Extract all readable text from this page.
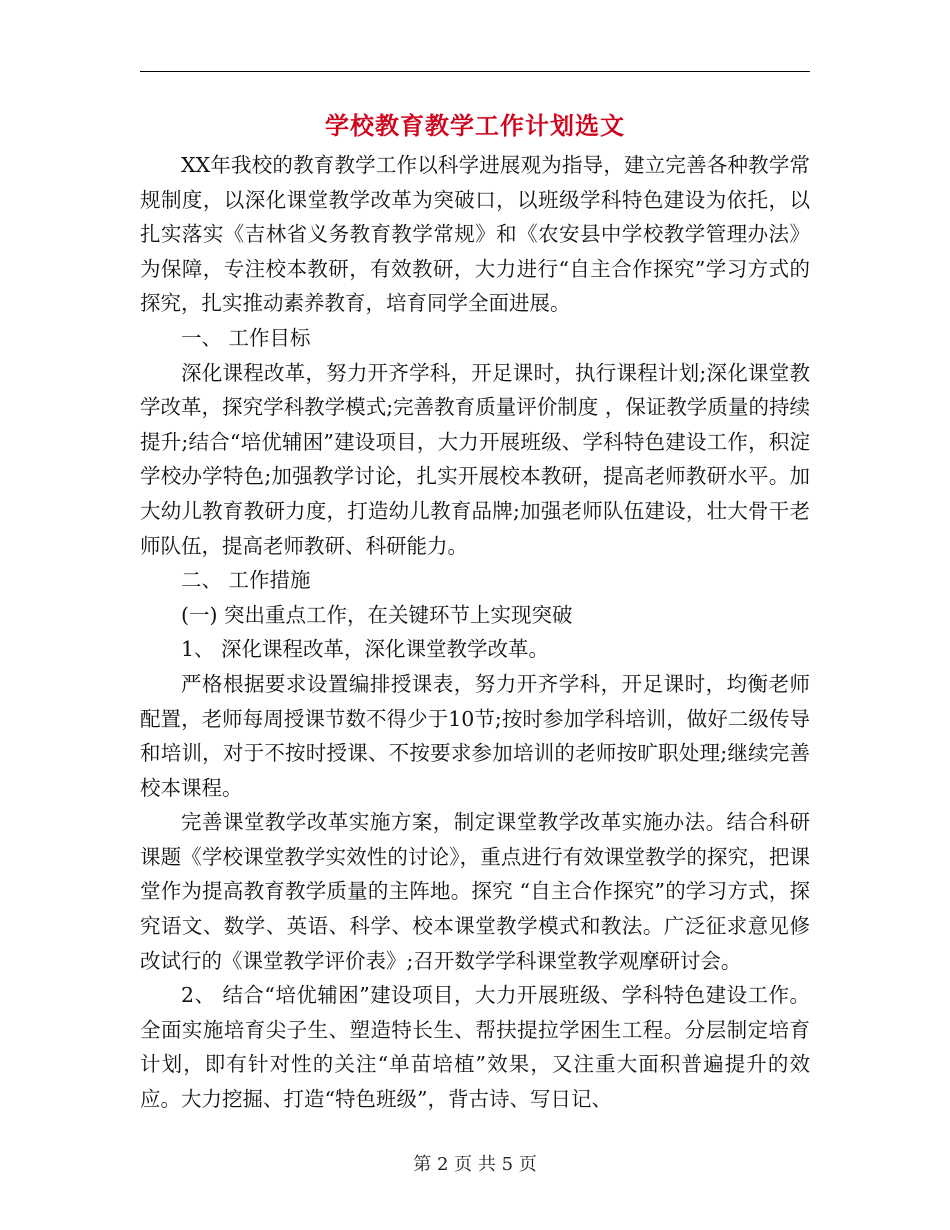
学校教育教学工作计划选文

XX年我校的教育教学工作以科学进展观为指导，建立完善各种教学常规制度，以深化课堂教学改革为突破口，以班级学科特色建设为依托，以扎实落实《吉林省义务教育教学常规》和《农安县中学校教学管理办法》为保障，专注校本教研，有效教研，大力进行“自主合作探究”学习方式的探究，扎实推动素养教育，培育同学全面进展。

一、 工作目标

深化课程改革，努力开齐学科，开足课时，执行课程计划;深化课堂教学改革，探究学科教学模式;完善教育质量评价制度 ，保证教学质量的持续提升;结合“培优辅困”建设项目，大力开展班级、学科特色建设工作，积淀学校办学特色;加强教学讨论，扎实开展校本教研，提高老师教研水平。加大幼儿教育教研力度，打造幼儿教育品牌;加强老师队伍建设，壮大骨干老师队伍，提高老师教研、科研能力。

二、 工作措施

(一) 突出重点工作，在关键环节上实现突破

1、 深化课程改革，深化课堂教学改革。

严格根据要求设置编排授课表，努力开齐学科，开足课时，均衡老师配置，老师每周授课节数不得少于10节;按时参加学科培训，做好二级传导和培训，对于不按时授课、不按要求参加培训的老师按旷职处理;继续完善校本课程。

完善课堂教学改革实施方案，制定课堂教学改革实施办法。结合科研课题《学校课堂教学实效性的讨论》，重点进行有效课堂教学的探究，把课堂作为提高教育教学质量的主阵地。探究 “自主合作探究”的学习方式，探究语文、数学、英语、科学、校本课堂教学模式和教法。广泛征求意见修改试行的《课堂教学评价表》;召开数学学科课堂教学观摩研讨会。

2、 结合“培优辅困”建设项目，大力开展班级、学科特色建设工作。全面实施培育尖子生、塑造特长生、帮扶提拉学困生工程。分层制定培育计划，即有针对性的关注“单苗培植”效果，又注重大面积普遍提升的效应。大力挖掘、打造“特色班级”，背古诗、写日记、

第 2 页 共 5 页
